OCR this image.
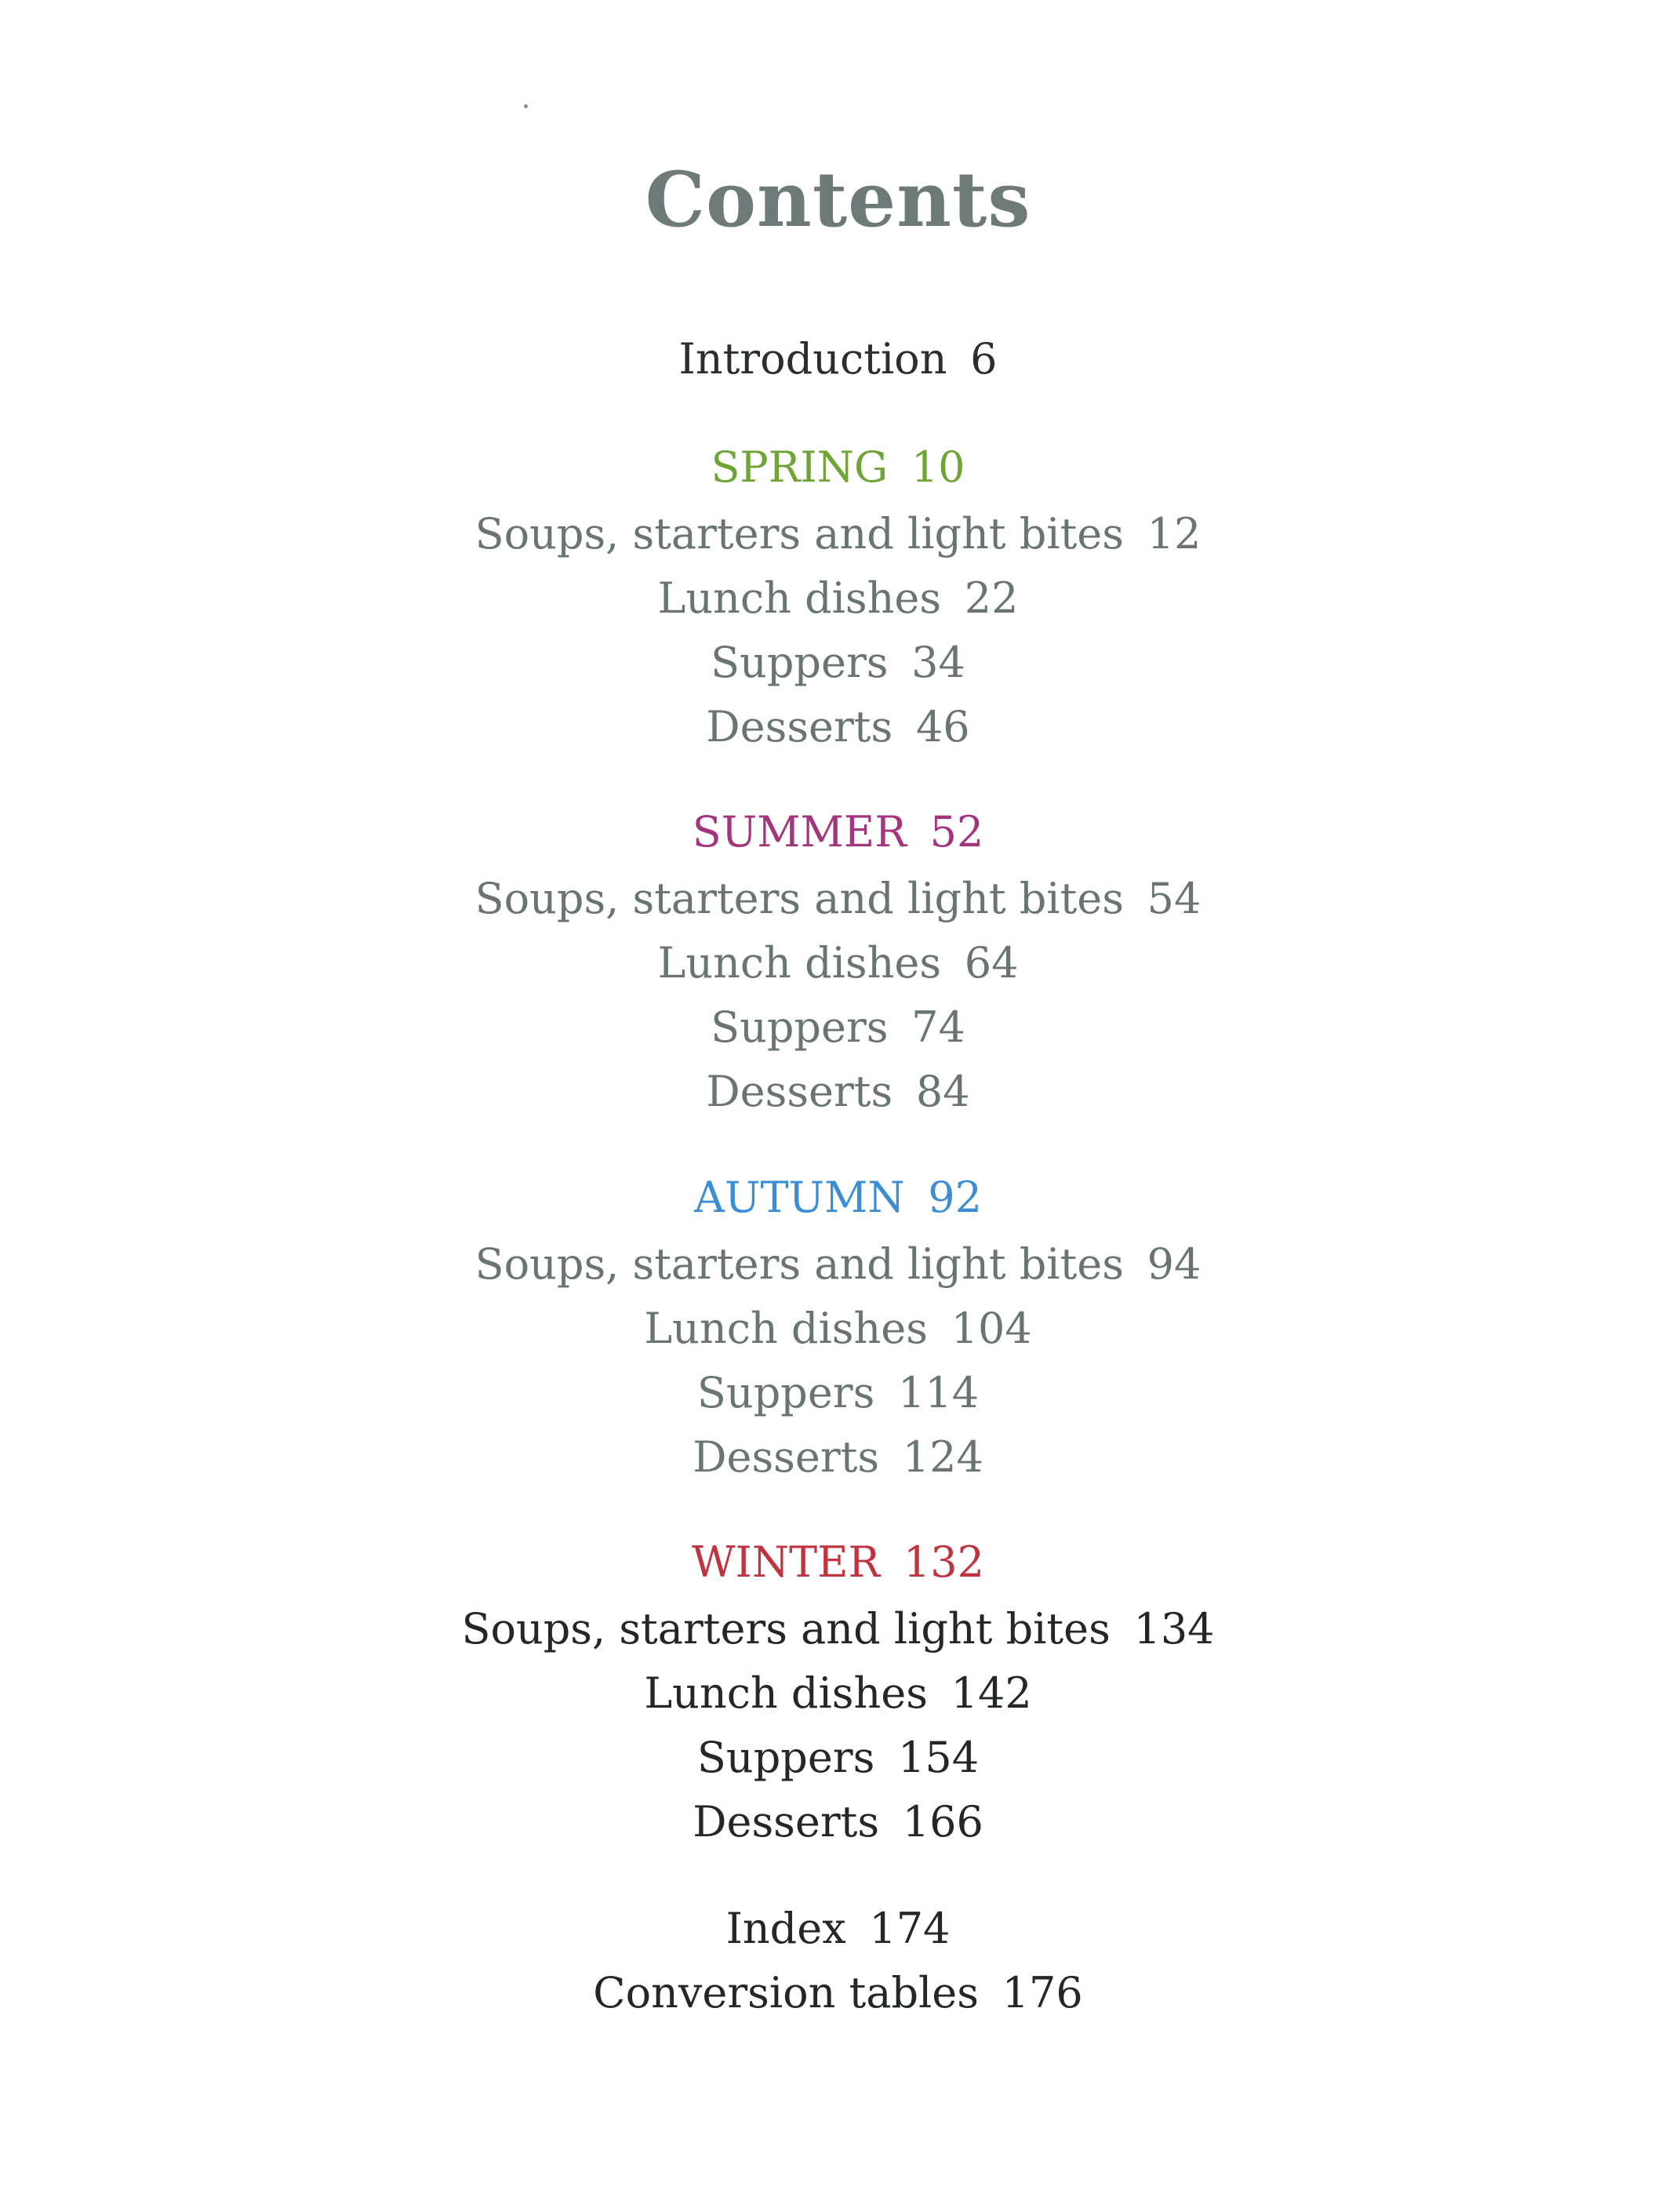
Contents
Introduction 6
SPRING 10
Soups, starters and light bites 12
Lunch dishes 22
Suppers 34
Desserts 46
SUMMER 52
Soups, starters and light bites 54
Lunch dishes 64
Suppers 74
Desserts 84
AUTUMN 92
Soups, starters and light bites 94
Lunch dishes 104
Suppers 114
Desserts 124
WINTER 132
Soups, starters and light bites 134
Lunch dishes 142
Suppers 154
Desserts 166
Index 174
Conversion tables 176
